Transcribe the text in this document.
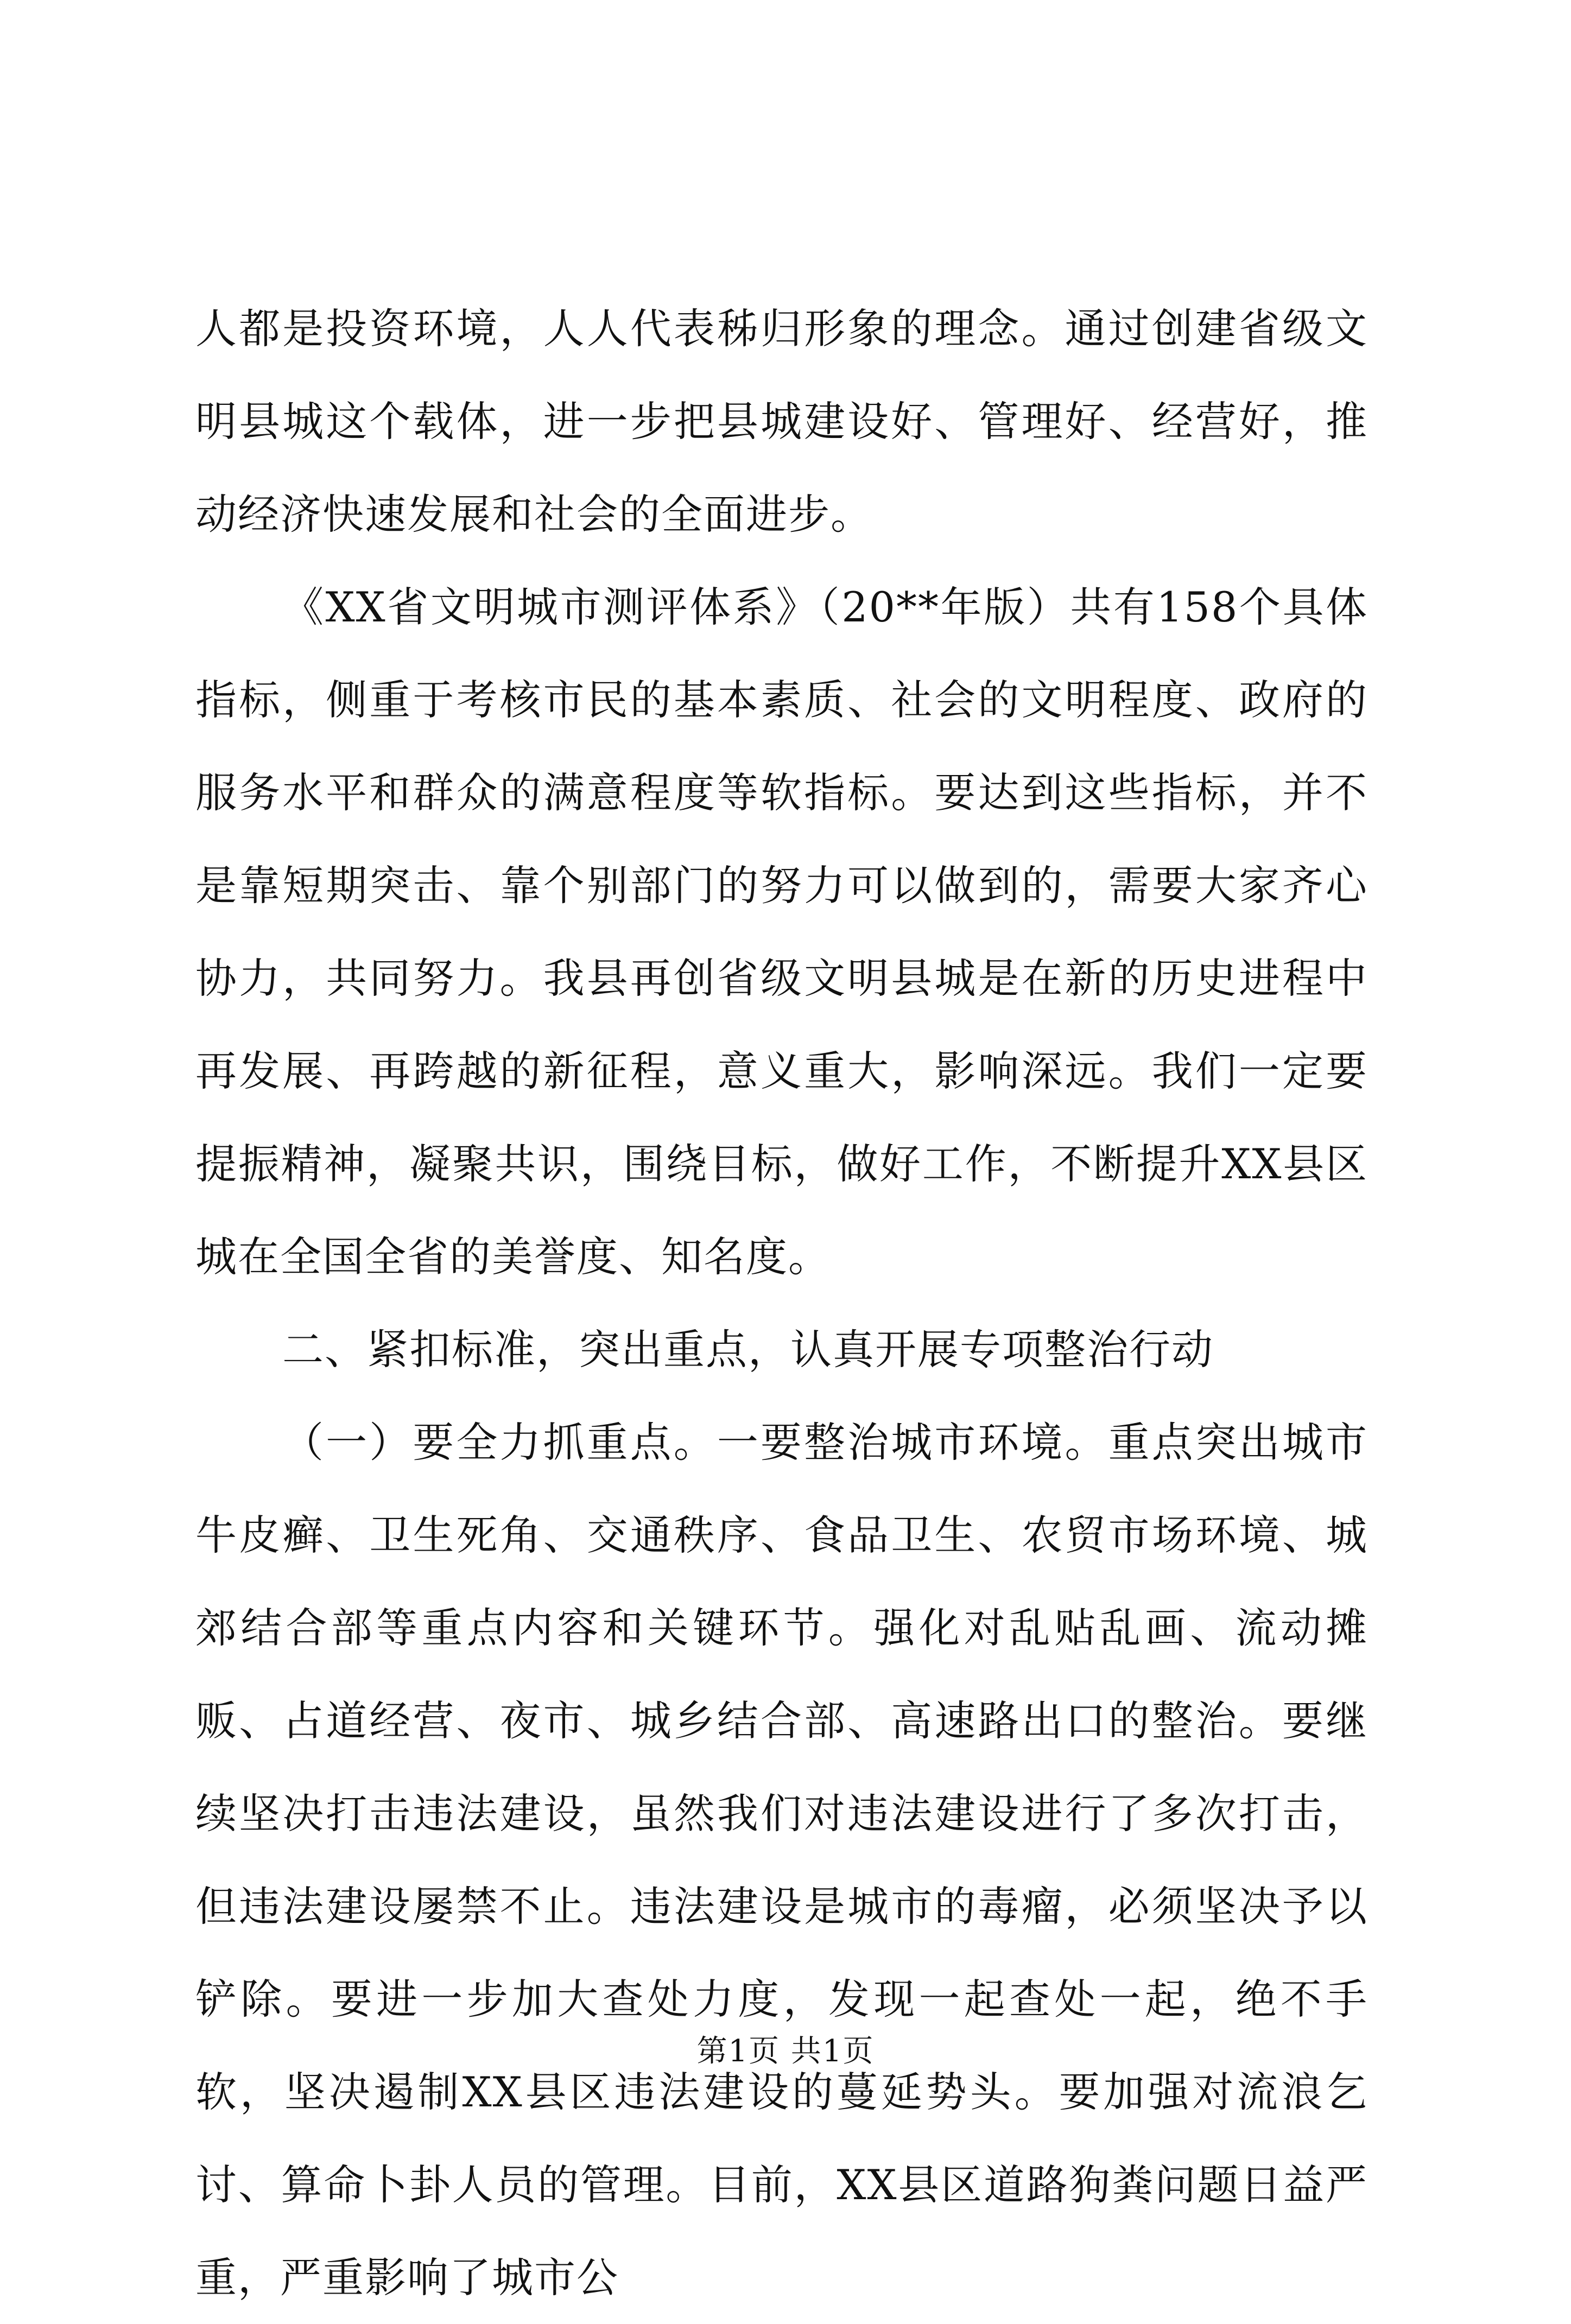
人都是投资环境，人人代表秭归形象的理念。通过创建省级文明县城这个载体，进一步把县城建设好、管理好、经营好，推动经济快速发展和社会的全面进步。

《XX省文明城市测评体系》（20**年版）共有158个具体指标，侧重于考核市民的基本素质、社会的文明程度、政府的服务水平和群众的满意程度等软指标。要达到这些指标，并不是靠短期突击、靠个别部门的努力可以做到的，需要大家齐心协力，共同努力。我县再创省级文明县城是在新的历史进程中再发展、再跨越的新征程，意义重大，影响深远。我们一定要提振精神，凝聚共识，围绕目标，做好工作，不断提升XX县区城在全国全省的美誉度、知名度。

二、紧扣标准，突出重点，认真开展专项整治行动

（一）要全力抓重点。一要整治城市环境。重点突出城市牛皮癣、卫生死角、交通秩序、食品卫生、农贸市场环境、城郊结合部等重点内容和关键环节。强化对乱贴乱画、流动摊贩、占道经营、夜市、城乡结合部、高速路出口的整治。要继续坚决打击违法建设，虽然我们对违法建设进行了多次打击，但违法建设屡禁不止。违法建设是城市的毒瘤，必须坚决予以铲除。要进一步加大查处力度，发现一起查处一起，绝不手软，坚决遏制XX县区违法建设的蔓延势头。要加强对流浪乞讨、算命卜卦人员的管理。目前，XX县区道路狗粪问题日益严重，严重影响了城市公

第1页 共1页
